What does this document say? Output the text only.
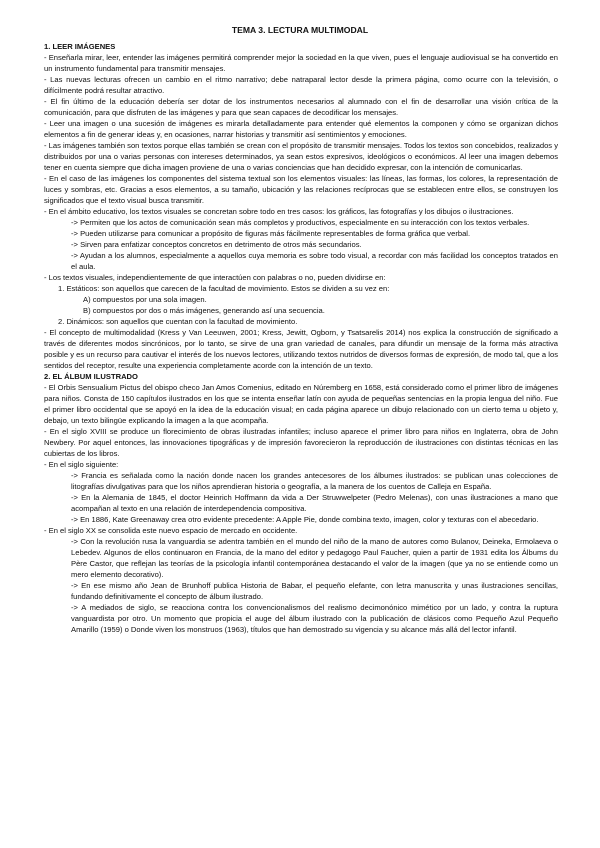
TEMA 3. LECTURA MULTIMODAL

1. LEER IMÁGENES

- Enseñarla mirar, leer, entender las imágenes permitirá comprender mejor la sociedad en la que viven, pues el lenguaje audiovisual se ha convertido en un instrumento fundamental para transmitir mensajes.

- Las nuevas lecturas ofrecen un cambio en el ritmo narrativo; debe natraparal lector desde la primera página, como ocurre con la televisión, o difícilmente podrá resultar atractivo.

- El fin último de la educación debería ser dotar de los instrumentos necesarios al alumnado con el fin de desarrollar una visión crítica de la comunicación, para que disfruten de las imágenes y para que sean capaces de decodificar los mensajes.

- Leer una imagen o una sucesión de imágenes es mirarla detalladamente para entender qué elementos la componen y cómo se organizan dichos elementos a fin de generar ideas y, en ocasiones, narrar historias y transmitir así sentimientos y emociones.

- Las imágenes también son textos porque ellas también se crean con el propósito de transmitir mensajes. Todos los textos son concebidos, realizados y distribuidos por una o varias personas con intereses determinados, ya sean estos expresivos, ideológicos o económicos. Al leer una imagen debemos tener en cuenta siempre que dicha imagen proviene de una o varias conciencias que han decidido expresar, con la intención de comunicarlas.

- En el caso de las imágenes los componentes del sistema textual son los elementos visuales: las líneas, las formas, los colores, la representación de luces y sombras, etc. Gracias a esos elementos, a su tamaño, ubicación y las relaciones recíprocas que se establecen entre ellos, se construyen los significados que el texto visual busca transmitir.

- En el ámbito educativo, los textos visuales se concretan sobre todo en tres casos: los gráficos, las fotografías y los dibujos o ilustraciones.

-> Permiten que los actos de comunicación sean más completos y productivos, especialmente en su interacción con los textos verbales.

-> Pueden utilizarse para comunicar a propósito de figuras más fácilmente representables de forma gráfica que verbal.

-> Sirven para enfatizar conceptos concretos en detrimento de otros más secundarios.

-> Ayudan a los alumnos, especialmente a aquellos cuya memoria es sobre todo visual, a recordar con más facilidad los conceptos tratados en el aula.

- Los textos visuales, independientemente de que interactúen con palabras o no, pueden dividirse en:

1. Estáticos: son aquellos que carecen de la facultad de movimiento. Estos se dividen a su vez en:

A) compuestos por una sola imagen.

B) compuestos por dos o más imágenes, generando así una secuencia.

2. Dinámicos: son aquellos que cuentan con la facultad de movimiento.

- El concepto de multimodalidad (Kress y Van Leeuwen, 2001; Kress, Jewitt, Ogborn, y Tsatsarelis 2014) nos explica la construcción de significado a través de diferentes modos sincrónicos, por lo tanto, se sirve de una gran variedad de canales, para difundir un mensaje de la forma más atractiva posible y es un recurso para cautivar el interés de los nuevos lectores, utilizando textos nutridos de diversos formas de expresión, de modo tal, que a los sentidos del receptor, resulte una experiencia completamente acorde con la intención de un texto.

2. EL ÁLBUM ILUSTRADO

- El Orbis Sensualium Pictus del obispo checo Jan Amos Comenius, editado en Núremberg en 1658, está considerado como el primer libro de imágenes para niños. Consta de 150 capítulos ilustrados en los que se intenta enseñar latín con ayuda de pequeñas sentencias en la propia lengua del niño. Fue el primer libro occidental que se apoyó en la idea de la educación visual; en cada página aparece un dibujo relacionado con un cierto tema u objeto y, debajo, un texto bilingüe explicando la imagen a la que acompaña.

- En el siglo XVIII se produce un florecimiento de obras ilustradas infantiles; incluso aparece el primer libro para niños en Inglaterra, obra de John Newbery. Por aquel entonces, las innovaciones tipográficas y de impresión favorecieron la reproducción de ilustraciones con distintas técnicas en las cubiertas de los libros.

- En el siglo siguiente:

-> Francia es señalada como la nación donde nacen los grandes antecesores de los álbumes ilustrados: se publican unas colecciones de litografías divulgativas para que los niños aprendieran historia o geografía, a la manera de los cuentos de Calleja en España.

-> En la Alemania de 1845, el doctor Heinrich Hoffmann da vida a Der Struwwelpeter (Pedro Melenas), con unas ilustraciones a mano que acompañan al texto en una relación de interdependencia compositiva.

-> En 1886, Kate Greenaway crea otro evidente precedente: A Apple Pie, donde combina texto, imagen, color y texturas con el abecedario.

- En el siglo XX se consolida este nuevo espacio de mercado en occidente.

-> Con la revolución rusa la vanguardia se adentra también en el mundo del niño de la mano de autores como Bulanov, Deineka, Ermolaeva o Lebedev. Algunos de ellos continuaron en Francia, de la mano del editor y pedagogo Paul Faucher, quien a partir de 1931 edita los Álbums du Père Castor, que reflejan las teorías de la psicología infantil contemporánea destacando el valor de la imagen (que ya no se entiende como un mero elemento decorativo).

-> En ese mismo año Jean de Brunhoff publica Historia de Babar, el pequeño elefante, con letra manuscrita y unas ilustraciones sencillas, fundando definitivamente el concepto de álbum ilustrado.

-> A mediados de siglo, se reacciona contra los convencionalismos del realismo decimonónico mimético por un lado, y contra la ruptura vanguardista por otro. Un momento que propicia el auge del álbum ilustrado con la publicación de clásicos como Pequeño Azul Pequeño Amarillo (1959) o Donde viven los monstruos (1963), títulos que han demostrado su vigencia y su alcance más allá del lector infantil.
